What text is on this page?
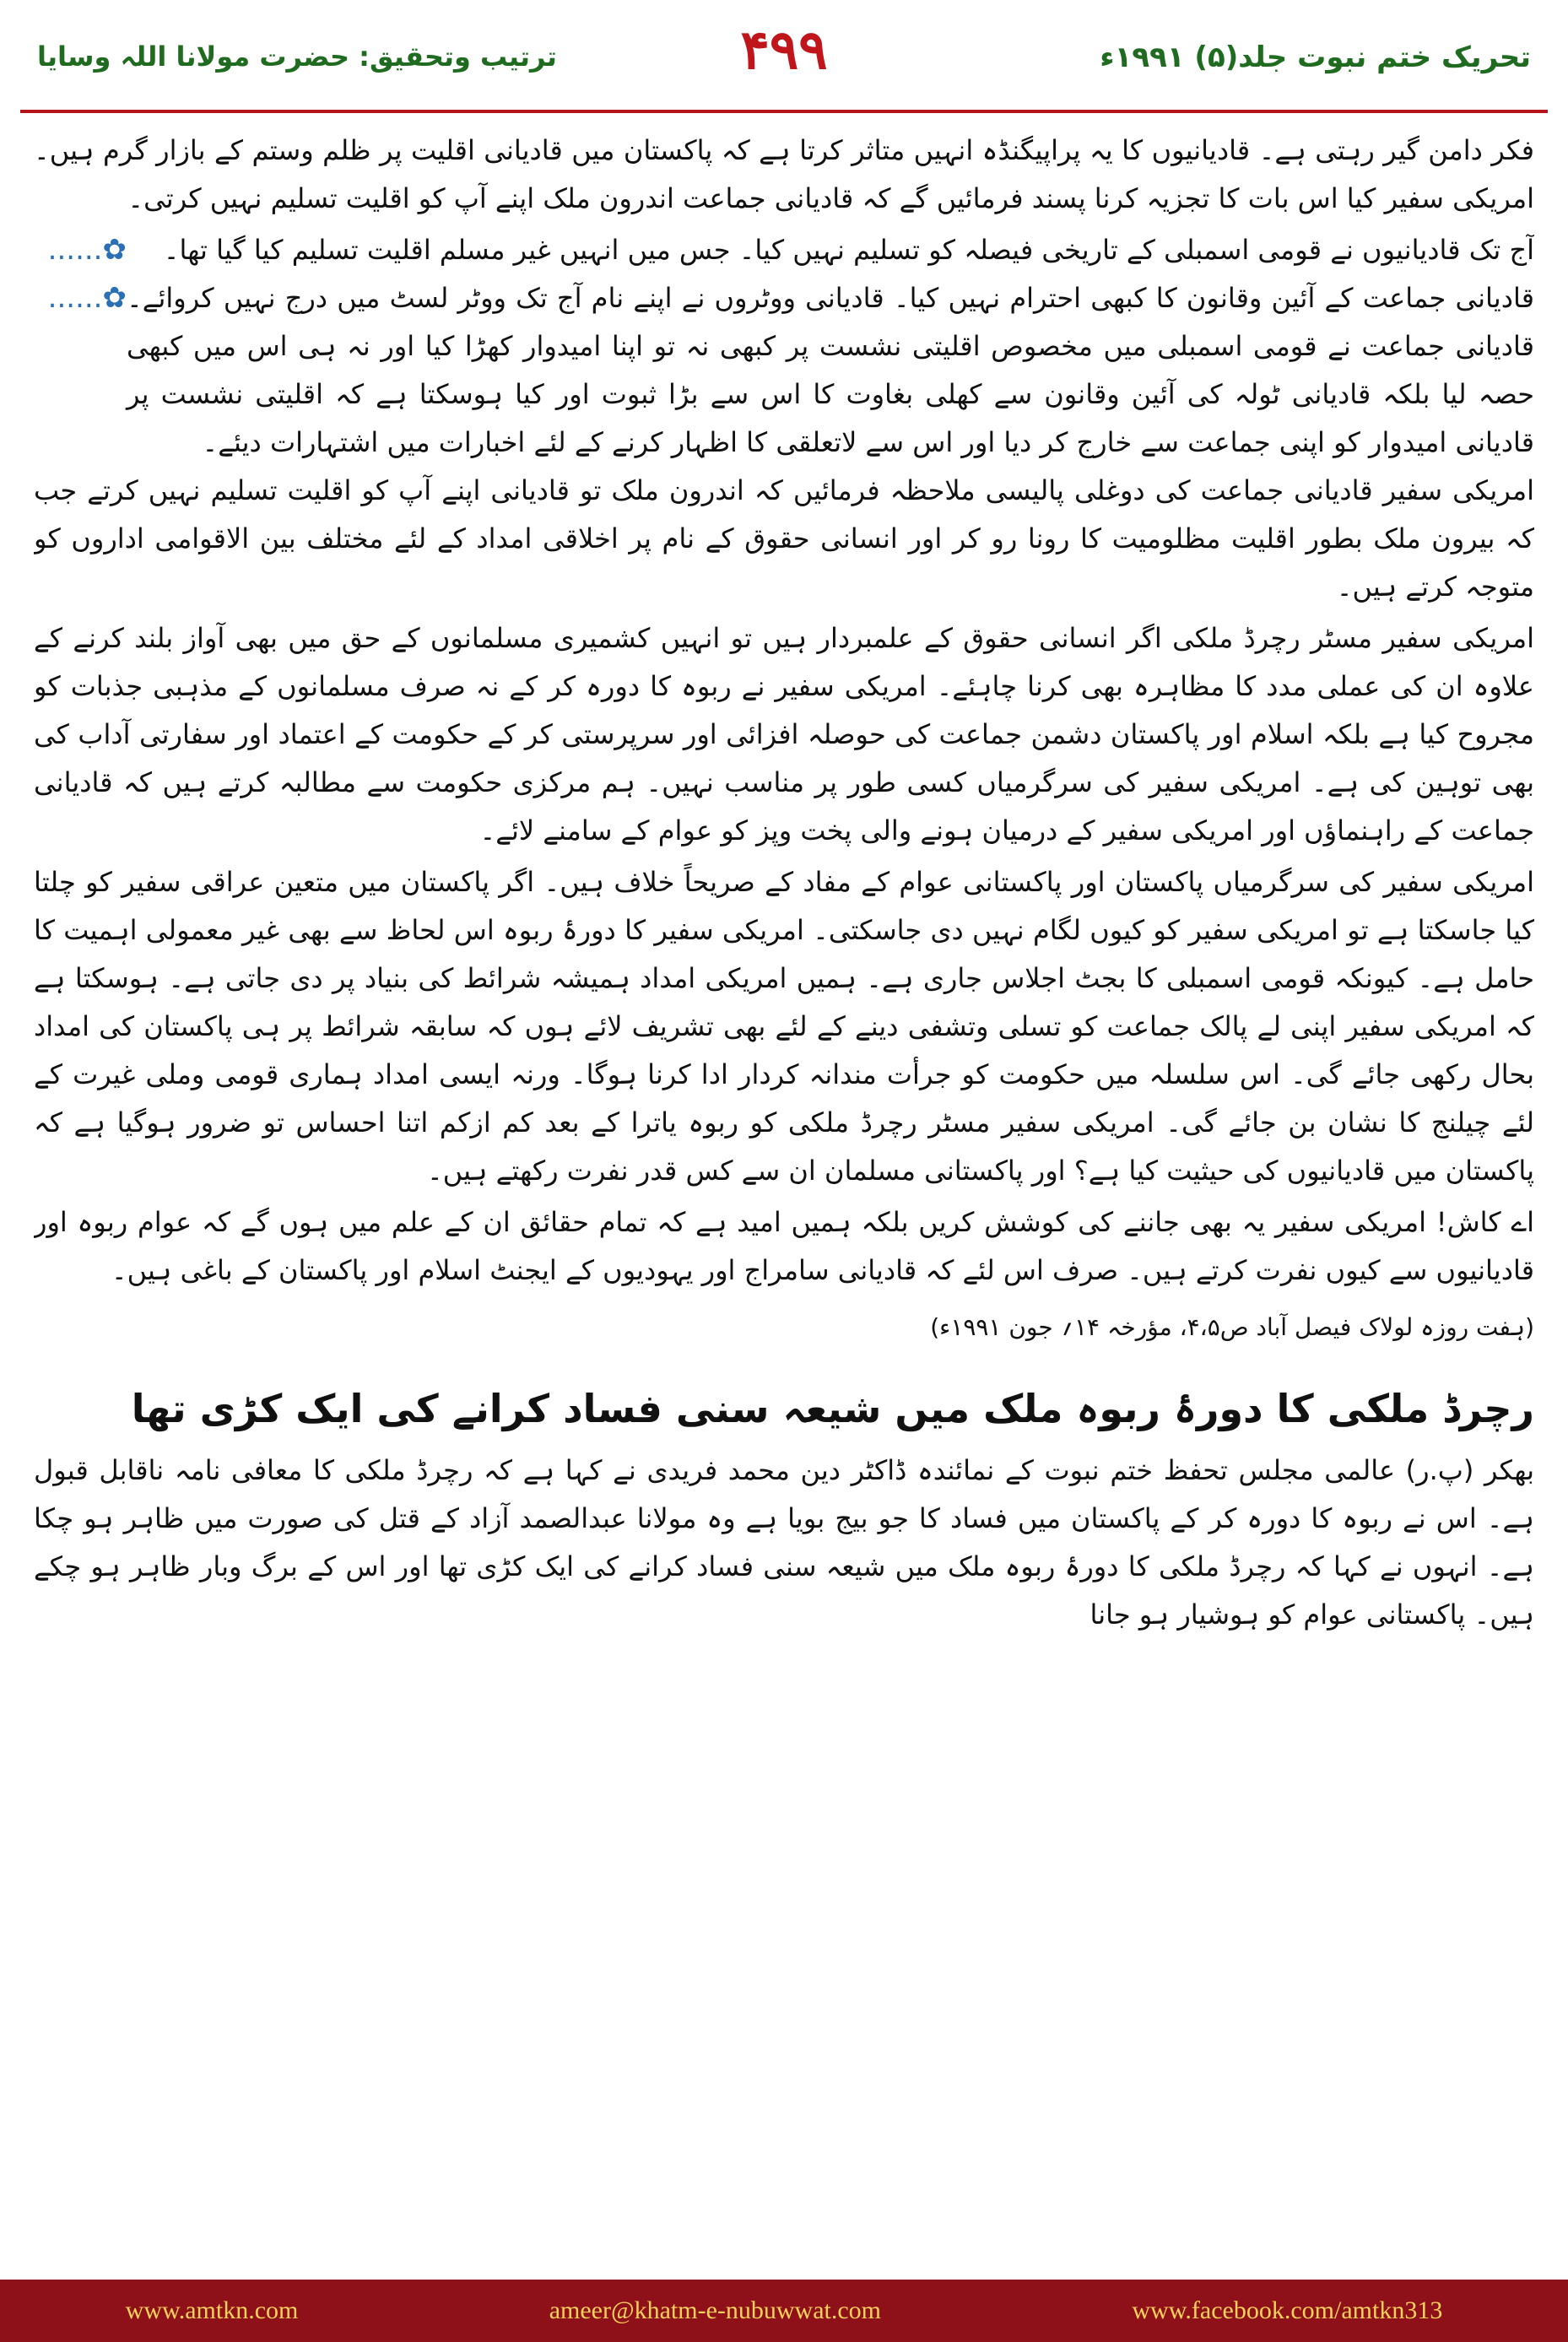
تحریک ختم نبوت جلد(۵) ۱۹۹۱ء
۴۹۹
ترتیب وتحقیق: حضرت مولانا اللہ وسایا

فکر دامن گیر رہتی ہے۔ قادیانیوں کا یہ پراپیگنڈہ انہیں متاثر کرتا ہے کہ پاکستان میں قادیانی اقلیت پر ظلم وستم کے بازار گرم ہیں۔ امریکی سفیر کیا اس بات کا تجزیہ کرنا پسند فرمائیں گے کہ قادیانی جماعت اندرون ملک اپنے آپ کو اقلیت تسلیم نہیں کرتی۔

آج تک قادیانیوں نے قومی اسمبلی کے تاریخی فیصلہ کو تسلیم نہیں کیا۔ جس میں انہیں غیر مسلم اقلیت تسلیم کیا گیا تھا۔
✿......
قادیانی جماعت کے آئین وقانون کا کبھی احترام نہیں کیا۔ قادیانی ووٹروں نے اپنے نام آج تک ووٹر لسٹ میں درج نہیں کروائے۔ قادیانی جماعت نے قومی اسمبلی میں مخصوص اقلیتی نشست پر کبھی نہ تو اپنا امیدوار کھڑا کیا اور نہ ہی اس میں کبھی حصہ لیا بلکہ قادیانی ٹولہ کی آئین وقانون سے کھلی بغاوت کا اس سے بڑا ثبوت اور کیا ہوسکتا ہے کہ اقلیتی نشست پر قادیانی امیدوار کو اپنی جماعت سے خارج کر دیا اور اس سے لاتعلقی کا اظہار کرنے کے لئے اخبارات میں اشتہارات دیئے۔
✿......

امریکی سفیر قادیانی جماعت کی دوغلی پالیسی ملاحظہ فرمائیں کہ اندرون ملک تو قادیانی اپنے آپ کو اقلیت تسلیم نہیں کرتے جب کہ بیرون ملک بطور اقلیت مظلومیت کا رونا رو کر اور انسانی حقوق کے نام پر اخلاقی امداد کے لئے مختلف بین الاقوامی اداروں کو متوجہ کرتے ہیں۔

امریکی سفیر مسٹر رچرڈ ملکی اگر انسانی حقوق کے علمبردار ہیں تو انہیں کشمیری مسلمانوں کے حق میں بھی آواز بلند کرنے کے علاوہ ان کی عملی مدد کا مظاہرہ بھی کرنا چاہئے۔ امریکی سفیر نے ربوہ کا دورہ کر کے نہ صرف مسلمانوں کے مذہبی جذبات کو مجروح کیا ہے بلکہ اسلام اور پاکستان دشمن جماعت کی حوصلہ افزائی اور سرپرستی کر کے حکومت کے اعتماد اور سفارتی آداب کی بھی توہین کی ہے۔ امریکی سفیر کی سرگرمیاں کسی طور پر مناسب نہیں۔ ہم مرکزی حکومت سے مطالبہ کرتے ہیں کہ قادیانی جماعت کے راہنماؤں اور امریکی سفیر کے درمیان ہونے والی پخت وپز کو عوام کے سامنے لائے۔

امریکی سفیر کی سرگرمیاں پاکستان اور پاکستانی عوام کے مفاد کے صریحاً خلاف ہیں۔ اگر پاکستان میں متعین عراقی سفیر کو چلتا کیا جاسکتا ہے تو امریکی سفیر کو کیوں لگام نہیں دی جاسکتی۔ امریکی سفیر کا دورۂ ربوہ اس لحاظ سے بھی غیر معمولی اہمیت کا حامل ہے۔ کیونکہ قومی اسمبلی کا بجٹ اجلاس جاری ہے۔ ہمیں امریکی امداد ہمیشہ شرائط کی بنیاد پر دی جاتی ہے۔ ہوسکتا ہے کہ امریکی سفیر اپنی لے پالک جماعت کو تسلی وتشفی دینے کے لئے بھی تشریف لائے ہوں کہ سابقہ شرائط پر ہی پاکستان کی امداد بحال رکھی جائے گی۔ اس سلسلہ میں حکومت کو جرأت مندانہ کردار ادا کرنا ہوگا۔ ورنہ ایسی امداد ہماری قومی وملی غیرت کے لئے چیلنج کا نشان بن جائے گی۔ امریکی سفیر مسٹر رچرڈ ملکی کو ربوہ یاترا کے بعد کم ازکم اتنا احساس تو ضرور ہوگیا ہے کہ پاکستان میں قادیانیوں کی حیثیت کیا ہے؟ اور پاکستانی مسلمان ان سے کس قدر نفرت رکھتے ہیں۔

اے کاش! امریکی سفیر یہ بھی جاننے کی کوشش کریں بلکہ ہمیں امید ہے کہ تمام حقائق ان کے علم میں ہوں گے کہ عوام ربوہ اور قادیانیوں سے کیوں نفرت کرتے ہیں۔ صرف اس لئے کہ قادیانی سامراج اور یہودیوں کے ایجنٹ اسلام اور پاکستان کے باغی ہیں۔

(ہفت روزہ لولاک فیصل آباد ص۴،۵، مؤرخہ ۱۴؍ جون ۱۹۹۱ء)
رچرڈ ملکی کا دورۂ ربوہ ملک میں شیعہ سنی فساد کرانے کی ایک کڑی تھا

بھکر (پ.ر) عالمی مجلس تحفظ ختم نبوت کے نمائندہ ڈاکٹر دین محمد فریدی نے کہا ہے کہ رچرڈ ملکی کا معافی نامہ ناقابل قبول ہے۔ اس نے ربوہ کا دورہ کر کے پاکستان میں فساد کا جو بیج بویا ہے وہ مولانا عبدالصمد آزاد کے قتل کی صورت میں ظاہر ہو چکا ہے۔ انہوں نے کہا کہ رچرڈ ملکی کا دورۂ ربوہ ملک میں شیعہ سنی فساد کرانے کی ایک کڑی تھا اور اس کے برگ وبار ظاہر ہو چکے ہیں۔ پاکستانی عوام کو ہوشیار ہو جانا

www.amtkn.com	ameer@khatm-e-nubuwwat.com	www.facebook.com/amtkn313
